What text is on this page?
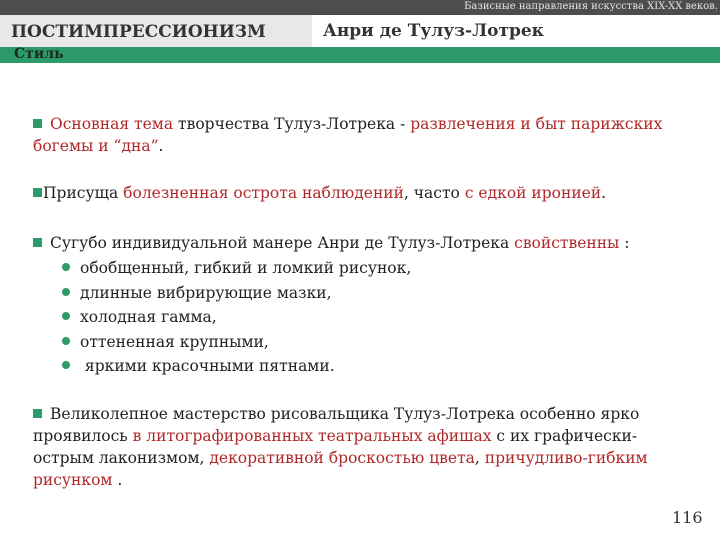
Базисные направления искусства XIX-XX веков.
ПОСТИМПРЕССИОНИЗМ	Анри де Тулуз-Лотрек
Стиль
Основная тема творчества Тулуз-Лотрека - развлечения и быт парижских богемы и “дна”.
Присуща болезненная острота наблюдений, часто с едкой иронией.
Сугубо индивидуальной манере Анри де Тулуз-Лотрека свойственны :
обобщенный, гибкий и ломкий рисунок,
длинные вибрирующие мазки,
холодная гамма,
оттененная крупными,
яркими красочными пятнами.
Великолепное мастерство рисовальщика Тулуз-Лотрека особенно ярко проявилось в литографированных театральных афишах с их графически-острым лаконизмом, декоративной броскостью цвета, причудливо-гибким рисунком .
116
